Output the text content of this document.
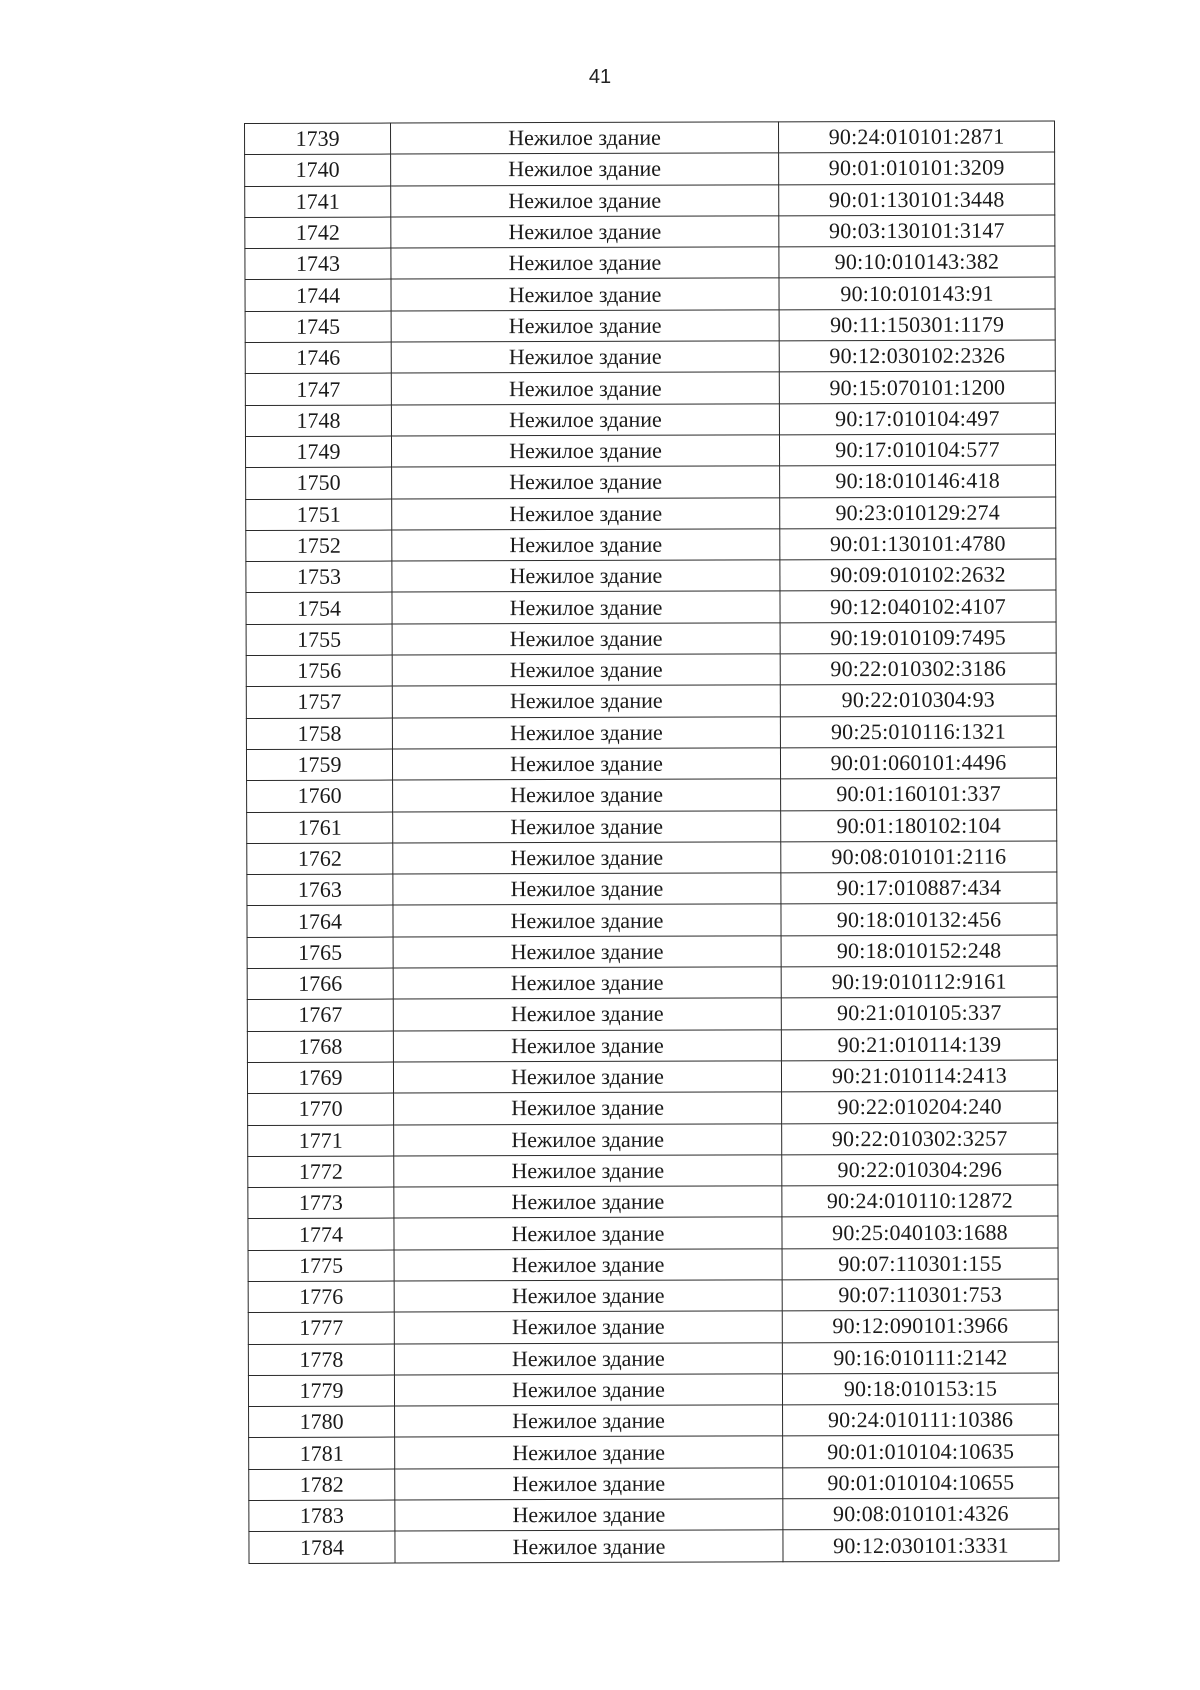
41
1739	Нежилое здание	90:24:010101:2871
1740	Нежилое здание	90:01:010101:3209
1741	Нежилое здание	90:01:130101:3448
1742	Нежилое здание	90:03:130101:3147
1743	Нежилое здание	90:10:010143:382
1744	Нежилое здание	90:10:010143:91
1745	Нежилое здание	90:11:150301:1179
1746	Нежилое здание	90:12:030102:2326
1747	Нежилое здание	90:15:070101:1200
1748	Нежилое здание	90:17:010104:497
1749	Нежилое здание	90:17:010104:577
1750	Нежилое здание	90:18:010146:418
1751	Нежилое здание	90:23:010129:274
1752	Нежилое здание	90:01:130101:4780
1753	Нежилое здание	90:09:010102:2632
1754	Нежилое здание	90:12:040102:4107
1755	Нежилое здание	90:19:010109:7495
1756	Нежилое здание	90:22:010302:3186
1757	Нежилое здание	90:22:010304:93
1758	Нежилое здание	90:25:010116:1321
1759	Нежилое здание	90:01:060101:4496
1760	Нежилое здание	90:01:160101:337
1761	Нежилое здание	90:01:180102:104
1762	Нежилое здание	90:08:010101:2116
1763	Нежилое здание	90:17:010887:434
1764	Нежилое здание	90:18:010132:456
1765	Нежилое здание	90:18:010152:248
1766	Нежилое здание	90:19:010112:9161
1767	Нежилое здание	90:21:010105:337
1768	Нежилое здание	90:21:010114:139
1769	Нежилое здание	90:21:010114:2413
1770	Нежилое здание	90:22:010204:240
1771	Нежилое здание	90:22:010302:3257
1772	Нежилое здание	90:22:010304:296
1773	Нежилое здание	90:24:010110:12872
1774	Нежилое здание	90:25:040103:1688
1775	Нежилое здание	90:07:110301:155
1776	Нежилое здание	90:07:110301:753
1777	Нежилое здание	90:12:090101:3966
1778	Нежилое здание	90:16:010111:2142
1779	Нежилое здание	90:18:010153:15
1780	Нежилое здание	90:24:010111:10386
1781	Нежилое здание	90:01:010104:10635
1782	Нежилое здание	90:01:010104:10655
1783	Нежилое здание	90:08:010101:4326
1784	Нежилое здание	90:12:030101:3331
